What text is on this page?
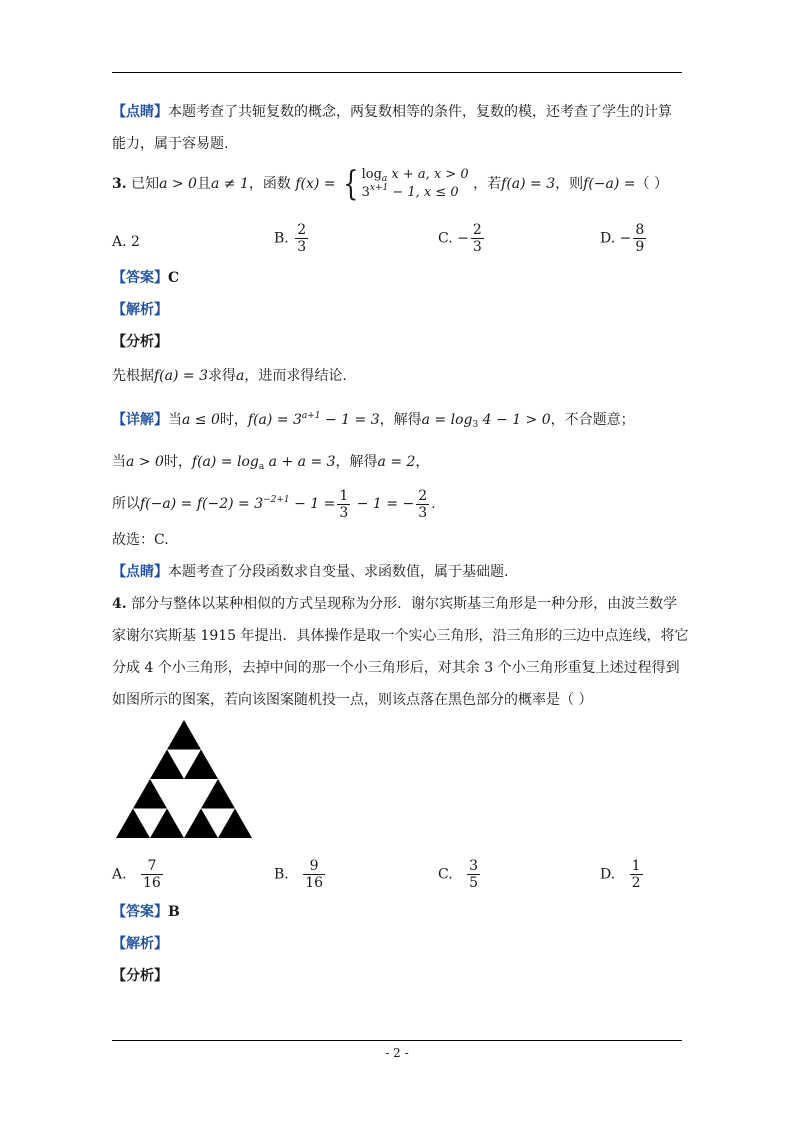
【点睛】本题考查了共轭复数的概念，两复数相等的条件，复数的模，还考查了学生的计算
能力，属于容易题.
3. 已知a > 0且a ≠ 1，函数 f(x) = { $\log_a x + a$, x > 0
$3^{x+1} - 1$, x ≤ 0
，若f(a) = 3，则f(−a) =（ ）
A. 2	B. $\frac{2}{3}$	C. − $\frac{2}{3}$	D. − $\frac{8}{9}$
【答案】C
【解析】
【分析】
先根据f(a) = 3求得a，进而求得结论.
【详解】当a ≤ 0时，$f(a) = 3^{a+1} - 1 = 3$，解得$a = \log_3 4 - 1 > 0$，不合题意；
当a > 0时，$f(a) = \log_a a + a = 3$，解得a = 2，
所以$f(-a) = f(-2) = 3^{-2+1} - 1 = \frac{1}{3} - 1$ = − $\frac{2}{3}$ .
故选：C.
【点睛】本题考查了分段函数求自变量、求函数值，属于基础题.
4. 部分与整体以某种相似的方式呈现称为分形．谢尔宾斯基三角形是一种分形，由波兰数学
家谢尔宾斯基 1915 年提出．具体操作是取一个实心三角形，沿三角形的三边中点连线，将它
分成 4 个小三角形，去掉中间的那一个小三角形后，对其余 3 个小三角形重复上述过程得到
如图所示的图案，若向该图案随机投一点，则该点落在黑色部分的概率是（ ）
A. $\frac{7}{16}$	B. $\frac{9}{16}$	C. $\frac{3}{5}$	D. $\frac{1}{2}$
【答案】B
【解析】
【分析】
- 2 -
